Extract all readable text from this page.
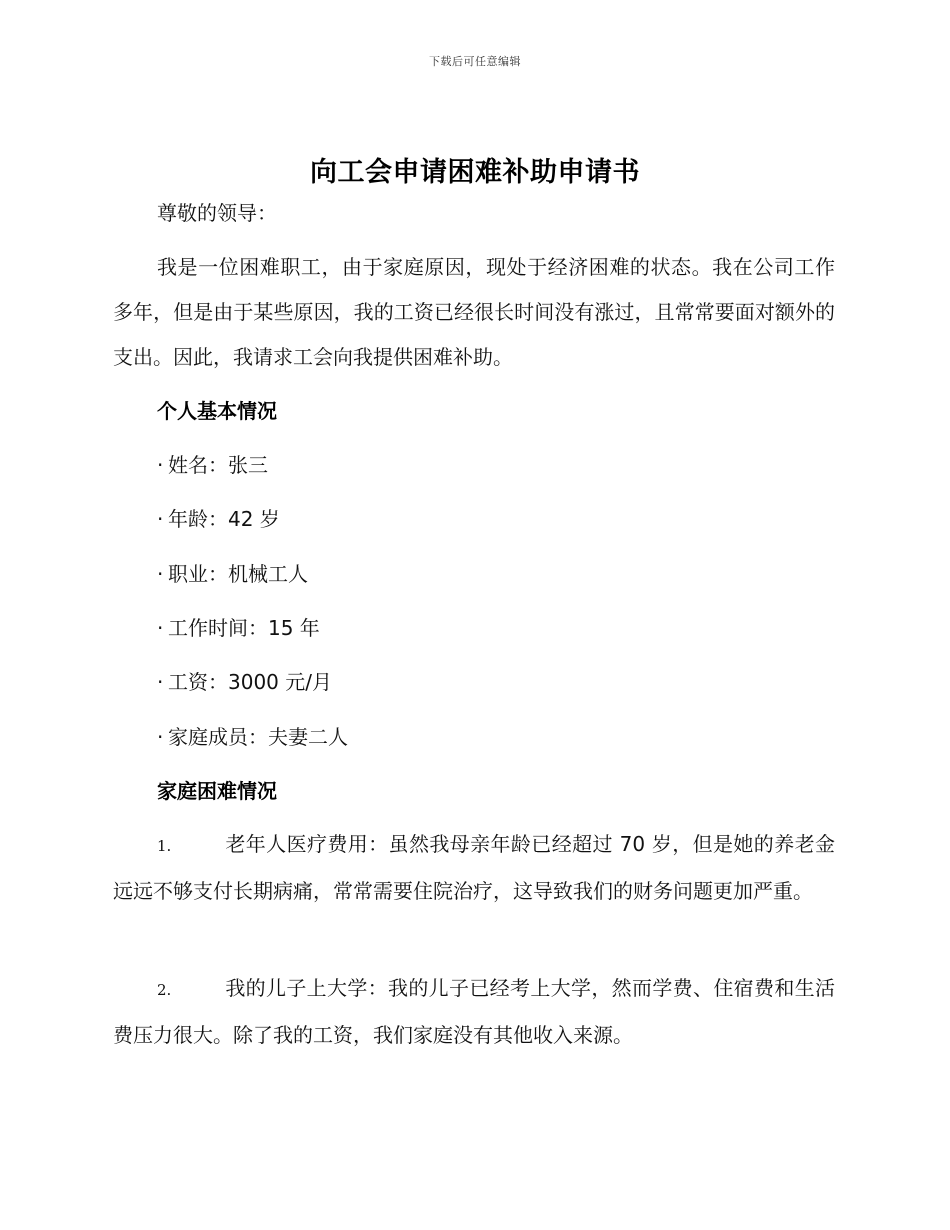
下载后可任意编辑
向工会申请困难补助申请书
尊敬的领导：
我是一位困难职工，由于家庭原因，现处于经济困难的状态。我在公司工作多年，但是由于某些原因，我的工资已经很长时间没有涨过，且常常要面对额外的支出。因此，我请求工会向我提供困难补助。
个人基本情况
· 姓名：张三
· 年龄：42 岁
· 职业：机械工人
· 工作时间：15 年
· 工资：3000 元/月
· 家庭成员：夫妻二人
家庭困难情况
1.	老年人医疗费用：虽然我母亲年龄已经超过 70 岁，但是她的养老金远远不够支付长期病痛，常常需要住院治疗，这导致我们的财务问题更加严重。
2.	我的儿子上大学：我的儿子已经考上大学，然而学费、住宿费和生活费压力很大。除了我的工资，我们家庭没有其他收入来源。
